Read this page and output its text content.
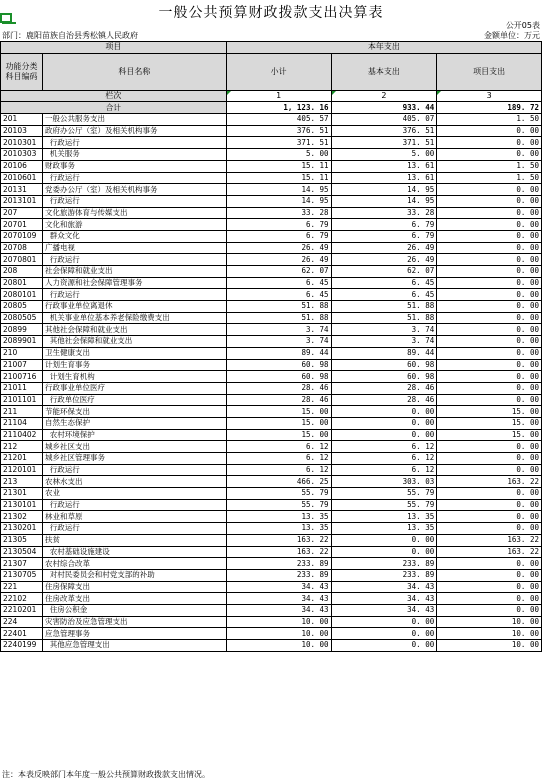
一般公共预算财政拨款支出决算表
公开05表
部门：鹿阳苗族自治县秀松镇人民政府	金额单位：万元
项目		本年支出		
功能分类科目编码	科目名称	小计	基本支出	项目支出
栏次		1	2	3
合计		1, 123. 16	933. 44	189. 72
201	一般公共服务支出	405. 57	405. 07	1. 50
20103	政府办公厅（室）及相关机构事务	376. 51	376. 51	0. 00
2010301	行政运行	371. 51	371. 51	0. 00
2010303	机关服务	5. 00	5. 00	0. 00
20106	财政事务	15. 11	13. 61	1. 50
2010601	行政运行	15. 11	13. 61	1. 50
20131	党委办公厅（室）及相关机构事务	14. 95	14. 95	0. 00
2013101	行政运行	14. 95	14. 95	0. 00
207	文化旅游体育与传媒支出	33. 28	33. 28	0. 00
20701	文化和旅游	6. 79	6. 79	0. 00
2070109	群众文化	6. 79	6. 79	0. 00
20708	广播电视	26. 49	26. 49	0. 00
2070801	行政运行	26. 49	26. 49	0. 00
208	社会保障和就业支出	62. 07	62. 07	0. 00
20801	人力资源和社会保障管理事务	6. 45	6. 45	0. 00
2080101	行政运行	6. 45	6. 45	0. 00
20805	行政事业单位离退休	51. 88	51. 88	0. 00
2080505	机关事业单位基本养老保险缴费支出	51. 88	51. 88	0. 00
20899	其他社会保障和就业支出	3. 74	3. 74	0. 00
2089901	其他社会保障和就业支出	3. 74	3. 74	0. 00
210	卫生健康支出	89. 44	89. 44	0. 00
21007	计划生育事务	60. 98	60. 98	0. 00
2100716	计划生育机构	60. 98	60. 98	0. 00
21011	行政事业单位医疗	28. 46	28. 46	0. 00
2101101	行政单位医疗	28. 46	28. 46	0. 00
211	节能环保支出	15. 00	0. 00	15. 00
21104	自然生态保护	15. 00	0. 00	15. 00
2110402	农村环境保护	15. 00	0. 00	15. 00
212	城乡社区支出	6. 12	6. 12	0. 00
21201	城乡社区管理事务	6. 12	6. 12	0. 00
2120101	行政运行	6. 12	6. 12	0. 00
213	农林水支出	466. 25	303. 03	163. 22
21301	农业	55. 79	55. 79	0. 00
2130101	行政运行	55. 79	55. 79	0. 00
21302	林业和草原	13. 35	13. 35	0. 00
2130201	行政运行	13. 35	13. 35	0. 00
21305	扶贫	163. 22	0. 00	163. 22
2130504	农村基础设施建设	163. 22	0. 00	163. 22
21307	农村综合改革	233. 89	233. 89	0. 00
2130705	对村民委员会和村党支部的补助	233. 89	233. 89	0. 00
221	住房保障支出	34. 43	34. 43	0. 00
22102	住房改革支出	34. 43	34. 43	0. 00
2210201	住房公积金	34. 43	34. 43	0. 00
224	灾害防治及应急管理支出	10. 00	0. 00	10. 00
22401	应急管理事务	10. 00	0. 00	10. 00
2240199	其他应急管理支出	10. 00	0. 00	10. 00
注：本表反映部门本年度一般公共预算财政拨款支出情况。
